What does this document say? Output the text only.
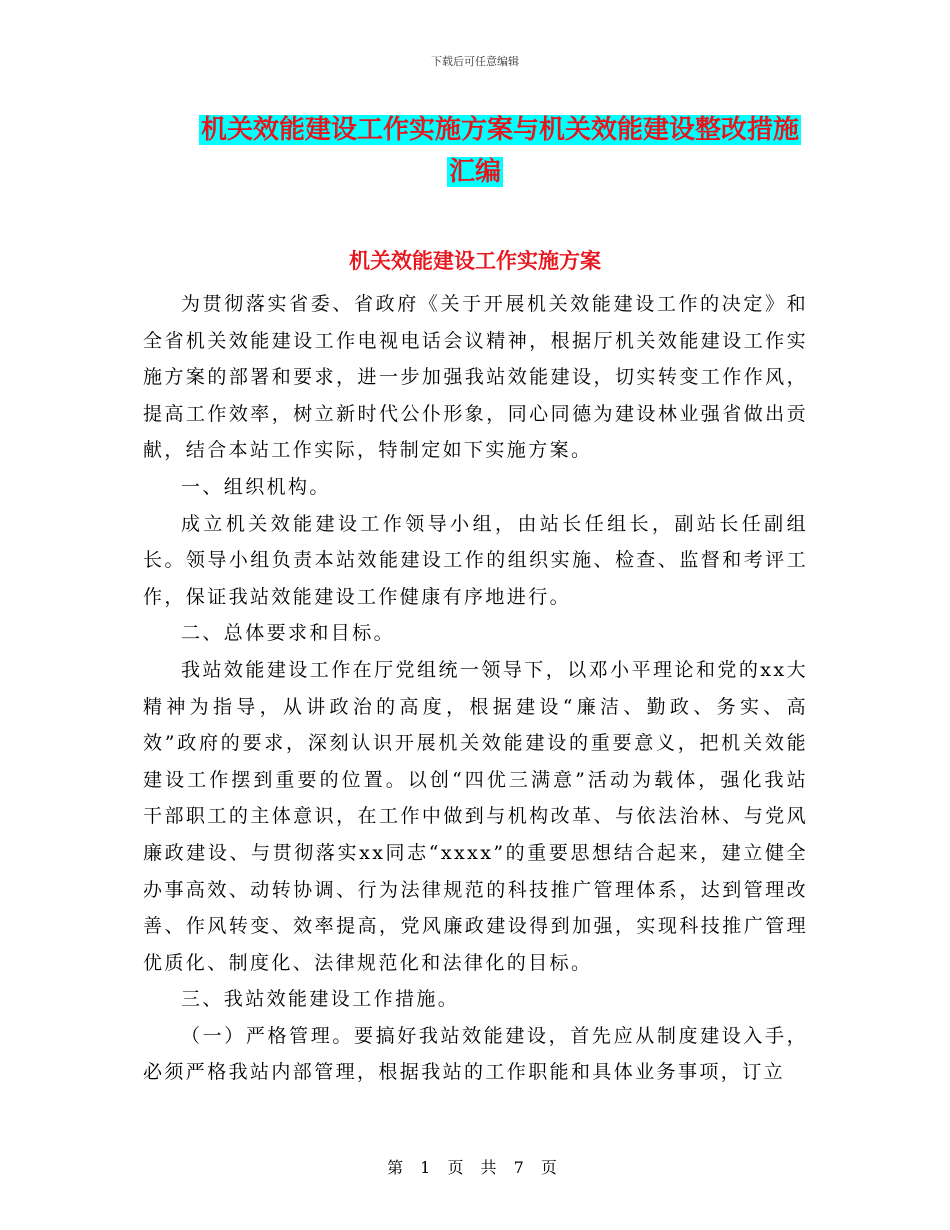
下载后可任意编辑
机关效能建设工作实施方案与机关效能建设整改措施
汇编
机关效能建设工作实施方案

为贯彻落实省委、省政府《关于开展机关效能建设工作的决定》和全省机关效能建设工作电视电话会议精神，根据厅机关效能建设工作实施方案的部署和要求，进一步加强我站效能建设，切实转变工作作风，提高工作效率，树立新时代公仆形象，同心同德为建设林业强省做出贡献，结合本站工作实际，特制定如下实施方案。

一、组织机构。

成立机关效能建设工作领导小组，由站长任组长，副站长任副组长。领导小组负责本站效能建设工作的组织实施、检查、监督和考评工作，保证我站效能建设工作健康有序地进行。

二、总体要求和目标。

我站效能建设工作在厅党组统一领导下，以邓小平理论和党的xx大精神为指导，从讲政治的高度，根据建设“廉洁、勤政、务实、高效”政府的要求，深刻认识开展机关效能建设的重要意义，把机关效能建设工作摆到重要的位置。以创“四优三满意”活动为载体，强化我站干部职工的主体意识，在工作中做到与机构改革、与依法治林、与党风廉政建设、与贯彻落实xx同志“xxxx”的重要思想结合起来，建立健全办事高效、动转协调、行为法律规范的科技推广管理体系，达到管理改善、作风转变、效率提高，党风廉政建设得到加强，实现科技推广管理优质化、制度化、法律规范化和法律化的目标。

三、我站效能建设工作措施。

（一）严格管理。要搞好我站效能建设，首先应从制度建设入手，必须严格我站内部管理，根据我站的工作职能和具体业务事项，订立

第 1 页 共 7 页
